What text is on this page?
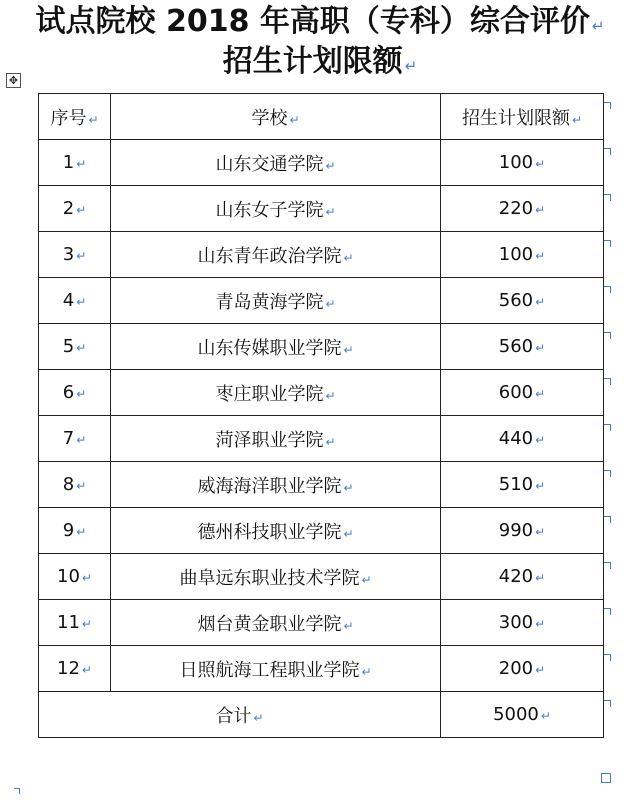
试点院校 2018 年高职（专科）综合评价 ↵
招生计划限额 ↵
✥
序号 ↵	学校 ↵	招生计划限额 ↵
1 ↵	山东交通学院 ↵	100 ↵
2 ↵	山东女子学院 ↵	220 ↵
3 ↵	山东青年政治学院 ↵	100 ↵
4 ↵	青岛黄海学院 ↵	560 ↵
5 ↵	山东传媒职业学院 ↵	560 ↵
6 ↵	枣庄职业学院 ↵	600 ↵
7 ↵	菏泽职业学院 ↵	440 ↵
8 ↵	威海海洋职业学院 ↵	510 ↵
9 ↵	德州科技职业学院 ↵	990 ↵
10 ↵	曲阜远东职业技术学院 ↵	420 ↵
11 ↵	烟台黄金职业学院 ↵	300 ↵
12 ↵	日照航海工程职业学院 ↵	200 ↵
合计 ↵		5000 ↵
